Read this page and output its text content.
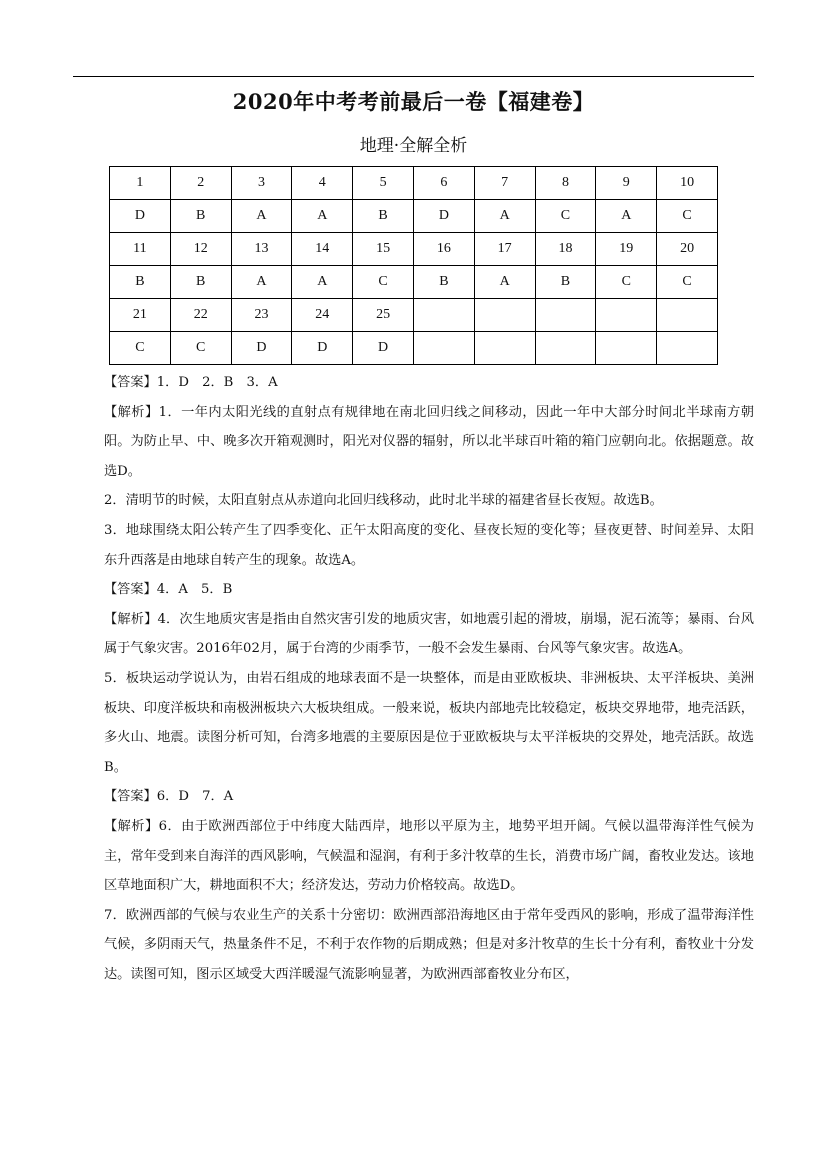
2020年中考考前最后一卷【福建卷】
地理·全解全析
1	2	3	4	5	6	7	8	9	10
D	B	A	A	B	D	A	C	A	C
11	12	13	14	15	16	17	18	19	20
B	B	A	A	C	B	A	B	C	C
21	22	23	24	25					
C	C	D	D	D					

【答案】1．D　2．B　3．A

【解析】1．一年内太阳光线的直射点有规律地在南北回归线之间移动，因此一年中大部分时间北半球南方朝阳。为防止早、中、晚多次开箱观测时，阳光对仪器的辐射，所以北半球百叶箱的箱门应朝向北。依据题意。故选D。

2．清明节的时候，太阳直射点从赤道向北回归线移动，此时北半球的福建省昼长夜短。故选B。

3．地球围绕太阳公转产生了四季变化、正午太阳高度的变化、昼夜长短的变化等；昼夜更替、时间差异、太阳东升西落是由地球自转产生的现象。故选A。

【答案】4．A　5．B

【解析】4．次生地质灾害是指由自然灾害引发的地质灾害，如地震引起的滑坡，崩塌，泥石流等；暴雨、台风属于气象灾害。2016年02月，属于台湾的少雨季节，一般不会发生暴雨、台风等气象灾害。故选A。

5．板块运动学说认为，由岩石组成的地球表面不是一块整体，而是由亚欧板块、非洲板块、太平洋板块、美洲板块、印度洋板块和南极洲板块六大板块组成。一般来说，板块内部地壳比较稳定，板块交界地带，地壳活跃，多火山、地震。读图分析可知，台湾多地震的主要原因是位于亚欧板块与太平洋板块的交界处，地壳活跃。故选B。

【答案】6．D　7．A

【解析】6．由于欧洲西部位于中纬度大陆西岸，地形以平原为主，地势平坦开阔。气候以温带海洋性气候为主，常年受到来自海洋的西风影响，气候温和湿润，有利于多汁牧草的生长，消费市场广阔，畜牧业发达。该地区草地面积广大，耕地面积不大；经济发达，劳动力价格较高。故选D。

7．欧洲西部的气候与农业生产的关系十分密切：欧洲西部沿海地区由于常年受西风的影响，形成了温带海洋性气候，多阴雨天气，热量条件不足，不利于农作物的后期成熟；但是对多汁牧草的生长十分有利，畜牧业十分发达。读图可知，图示区域受大西洋暖湿气流影响显著，为欧洲西部畜牧业分布区，
